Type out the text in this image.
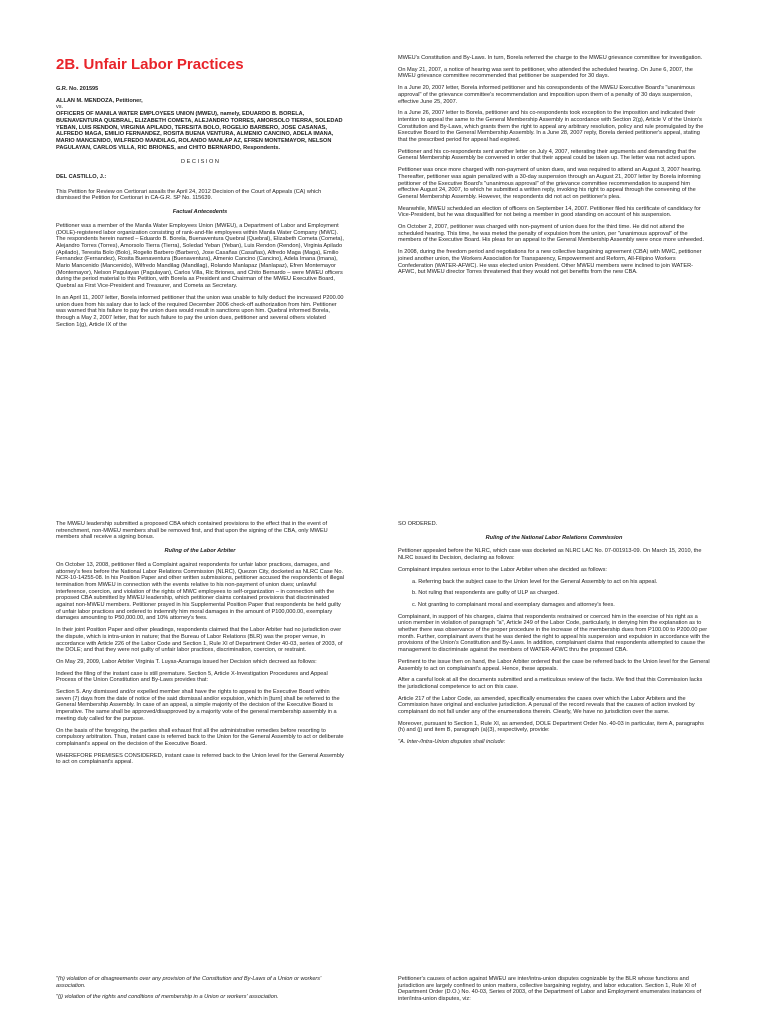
2B. Unfair Labor Practices

G.R. No. 201595

ALLAN M. MENDOZA, Petitioner,

vs.

OFFICERS OF MANILA WATER EMPLOYEES UNION (MWEU), namely, EDUARDO B. BORELA, BUENAVENTURA QUEBRAL, ELIZABETH COMETA, ALEJANDRO TORRES, AMORSOLO TIERRA, SOLEDAD YEBAN, LUIS RENDON, VIRGINIA APILADO, TERESITA BOLO, ROGELIO BARBERO, JOSE CASANAS, ALFREDO MAGA, EMILIO FERNANDEZ, ROSITA BUENA VENTURA, ALMENIO CANCINO, ADELA IMANA, MARIO MANCENIDO, WILFREDO MANDILAG, ROLANDO MANLAP AZ, EFREN MONTEMAYOR, NELSON PAGULAYAN, CARLOS VILLA, RIC BRIONES, and CHITO BERNARDO, Respondents.

D E C I S I O N

DEL CASTILLO, J.:

This Petition for Review on Certiorari assails the April 24, 2012 Decision of the Court of Appeals (CA) which dismissed the Petition for Certiorari in CA-G.R. SP No. 115639.

Factual Antecedents

Petitioner was a member of the Manila Water Employees Union (MWEU), a Department of Labor and Employment (DOLE)-registered labor organization consisting of rank-and-file employees within Manila Water Company (MWC). The respondents herein named – Eduardo B. Borela, Buenaventura Quebral (Quebral), Elizabeth Cometa (Cometa), Alejandro Torres (Torres), Amorsolo Tierra (Tierra), Soledad Yeban (Yeban), Luis Rendon (Rendon), Virginia Apilado (Apilado), Teresita Bolo (Bolo), Rogelio Barbero (Barbero), Jose Casañas (Casañas), Alfredo Maga (Maga), Emilio Fernandez (Fernandez), Rosita Buenaventura (Buenaventura), Almenio Cancino (Cancino), Adela Imana (Imana), Mario Mancenido (Mancenido), Wilfredo Mandilag (Mandilag), Rolando Manlapaz (Manlapaz), Efren Montemayor (Montemayor), Nelson Pagulayan (Pagulayan), Carlos Villa, Ric Briones, and Chito Bernardo – were MWEU officers during the period material to this Petition, with Borela as President and Chairman of the MWEU Executive Board, Quebral as First Vice-President and Treasurer, and Cometa as Secretary.

In an April 11, 2007 letter, Borela informed petitioner that the union was unable to fully deduct the increased P200.00 union dues from his salary due to lack of the required December 2006 check-off authorization from him. Petitioner was warned that his failure to pay the union dues would result in sanctions upon him. Quebral informed Borela, through a May 2, 2007 letter, that for such failure to pay the union dues, petitioner and several others violated Section 1(g), Article IX of the

MWEU's Constitution and By-Laws. In turn, Borela referred the charge to the MWEU grievance committee for investigation.

On May 21, 2007, a notice of hearing was sent to petitioner, who attended the scheduled hearing. On June 6, 2007, the MWEU grievance committee recommended that petitioner be suspended for 30 days.

In a June 20, 2007 letter, Borela informed petitioner and his corespondents of the MWEU Executive Board's "unanimous approval" of the grievance committee's recommendation and imposition upon them of a penalty of 30 days suspension, effective June 25, 2007.

In a June 26, 2007 letter to Borela, petitioner and his co-respondents took exception to the imposition and indicated their intention to appeal the same to the General Membership Assembly in accordance with Section 2(g), Article V of the Union's Constitution and By-Laws, which grants them the right to appeal any arbitrary resolution, policy and rule promulgated by the Executive Board to the General Membership Assembly. In a June 28, 2007 reply, Borela denied petitioner's appeal, stating that the prescribed period for appeal had expired.

Petitioner and his co-respondents sent another letter on July 4, 2007, reiterating their arguments and demanding that the General Membership Assembly be convened in order that their appeal could be taken up. The letter was not acted upon.

Petitioner was once more charged with non-payment of union dues, and was required to attend an August 3, 2007 hearing. Thereafter, petitioner was again penalized with a 30-day suspension through an August 21, 2007 letter by Borela informing petitioner of the Executive Board's "unanimous approval" of the grievance committee recommendation to suspend him effective August 24, 2007, to which he submitted a written reply, invoking his right to appeal through the convening of the General Membership Assembly. However, the respondents did not act on petitioner's plea.

Meanwhile, MWEU scheduled an election of officers on September 14, 2007. Petitioner filed his certificate of candidacy for Vice-President, but he was disqualified for not being a member in good standing on account of his suspension.

On October 2, 2007, petitioner was charged with non-payment of union dues for the third time. He did not attend the scheduled hearing. This time, he was meted the penalty of expulsion from the union, per "unanimous approval" of the members of the Executive Board. His pleas for an appeal to the General Membership Assembly were once more unheeded.

In 2008, during the freedom period and negotiations for a new collective bargaining agreement (CBA) with MWC, petitioner joined another union, the Workers Association for Transparency, Empowerment and Reform, All-Filipino Workers Confederation (WATER-AFWC). He was elected union President. Other MWEU members were inclined to join WATER-AFWC, but MWEU director Torres threatened that they would not get benefits from the new CBA.

The MWEU leadership submitted a proposed CBA which contained provisions to the effect that in the event of retrenchment, non-MWEU members shall be removed first, and that upon the signing of the CBA, only MWEU members shall receive a signing bonus.

Ruling of the Labor Arbiter

On October 13, 2008, petitioner filed a Complaint against respondents for unfair labor practices, damages, and attorney's fees before the National Labor Relations Commission (NLRC), Quezon City, docketed as NLRC Case No. NCR-10-14255-08. In his Position Paper and other written submissions, petitioner accused the respondents of illegal termination from MWEU in connection with the events relative to his non-payment of union dues; unlawful interference, coercion, and violation of the rights of MWC employees to self-organization – in connection with the proposed CBA submitted by MWEU leadership, which petitioner claims contained provisions that discriminated against non-MWEU members. Petitioner prayed in his Supplemental Position Paper that respondents be held guilty of unfair labor practices and ordered to indemnify him moral damages in the amount of P100,000.00, exemplary damages amounting to P50,000.00, and 10% attorney's fees.

In their joint Position Paper and other pleadings, respondents claimed that the Labor Arbiter had no jurisdiction over the dispute, which is intra-union in nature; that the Bureau of Labor Relations (BLR) was the proper venue, in accordance with Article 226 of the Labor Code and Section 1, Rule XI of Department Order 40-03, series of 2003, of the DOLE; and that they were not guilty of unfair labor practices, discrimination, coercion, or restraint.

On May 29, 2009, Labor Arbiter Virginia T. Luyas-Azarraga issued her Decision which decreed as follows:

Indeed the filing of the instant case is still premature. Section 5, Article X-Investigation Procedures and Appeal Process of the Union Constitution and By-Laws provides that:

Section 5. Any dismissed and/or expelled member shall have the rights to appeal to the Executive Board within seven (7) days from the date of notice of the said dismissal and/or expulsion, which in [turn] shall be referred to the General Membership Assembly. In case of an appeal, a simple majority of the decision of the Executive Board is imperative. The same shall be approved/disapproved by a majority vote of the general membership assembly in a meeting duly called for the purpose.

On the basis of the foregoing, the parties shall exhaust first all the administrative remedies before resorting to compulsory arbitration. Thus, instant case is referred back to the Union for the General Assembly to act or deliberate complainant's appeal on the decision of the Executive Board.

WHEREFORE PREMISES CONSIDERED, instant case is referred back to the Union level for the General Assembly to act on complainant's appeal.

"(h) violation of or disagreements over any provision of the Constitution and By-Laws of a Union or workers' association.

"(j) violation of the rights and conditions of membership in a Union or workers' association.

SO ORDERED.

Ruling of the National Labor Relations Commission

Petitioner appealed before the NLRC, which case was docketed as NLRC LAC No. 07-001913-09. On March 15, 2010, the NLRC issued its Decision, declaring as follows:

Complainant imputes serious error to the Labor Arbiter when she decided as follows:

a. Referring back the subject case to the Union level for the General Assembly to act on his appeal.

b. Not ruling that respondents are guilty of ULP as charged.

c. Not granting to complainant moral and exemplary damages and attorney's fees.

Complainant, in support of his charges, claims that respondents restrained or coerced him in the exercise of his right as a union member in violation of paragraph "a", Article 249 of the Labor Code, particularly, in denying him the explanation as to whether there was observance of the proper procedure in the increase of the membership dues from P100.00 to P200.00 per month. Further, complainant avers that he was denied the right to appeal his suspension and expulsion in accordance with the provisions of the Union's Constitution and By-Laws. In addition, complainant claims that respondents attempted to cause the management to discriminate against the members of WATER-AFWC thru the proposed CBA.

Pertinent to the issue then on hand, the Labor Arbiter ordered that the case be referred back to the Union level for the General Assembly to act on complainant's appeal. Hence, these appeals.

After a careful look at all the documents submitted and a meticulous review of the facts. We find that this Commission lacks the jurisdictional competence to act on this case.

Article 217 of the Labor Code, as amended, specifically enumerates the cases over which the Labor Arbiters and the Commission have original and exclusive jurisdiction. A perusal of the record reveals that the causes of action invoked by complainant do not fall under any of the enumerations therein. Clearly, We have no jurisdiction over the same.

Moreover, pursuant to Section 1, Rule XI, as amended, DOLE Department Order No. 40-03 in particular, item A, paragraphs (h) and (j) and item B, paragraph (a)(3), respectively, provide:

"A. Inter-/Intra-Union disputes shall include:

Petitioner's causes of action against MWEU are inter/intra-union disputes cognizable by the BLR whose functions and jurisdiction are largely confined to union matters, collective bargaining registry, and labor education. Section 1, Rule XI of Department Order (D.O.) No. 40-03, Series of 2003, of the Department of Labor and Employment enumerates instances of inter/intra-union disputes, viz:
